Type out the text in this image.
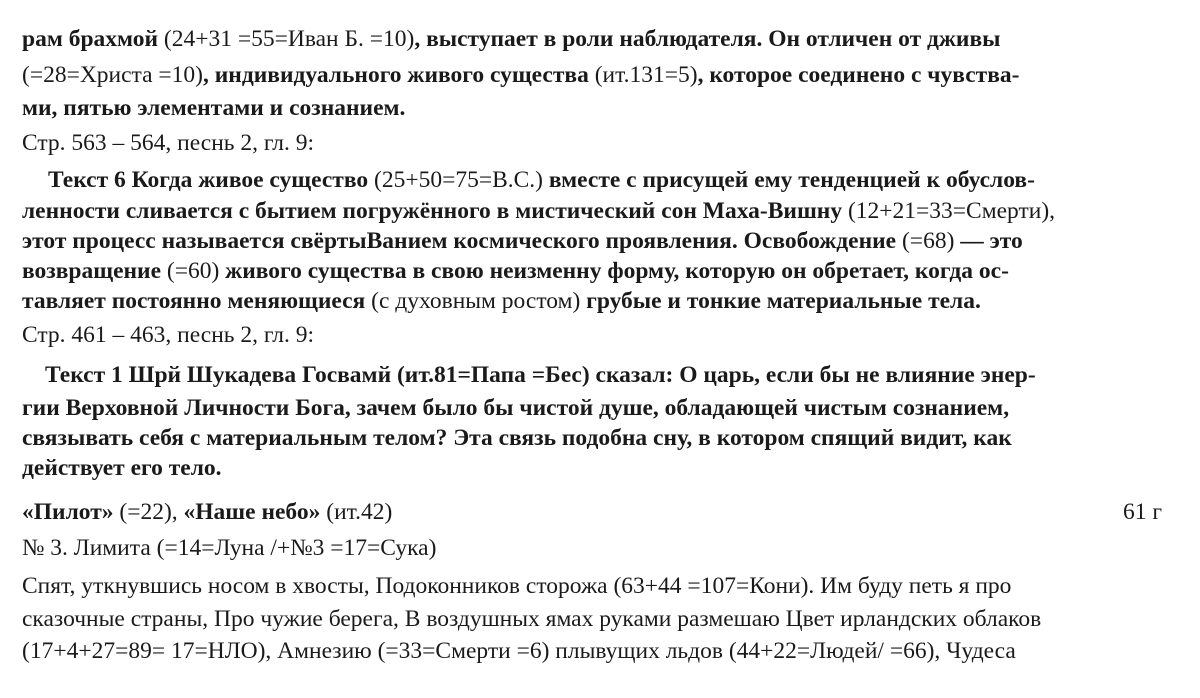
рам брахмой (24+31 =55=Иван Б. =10), выступает в роли наблюдателя. Он отличен от дживы
(=28=Христа =10), индивидуального живого существа (ит.131=5), которое соединено с чувства-
ми, пятью элементами и сознанием.
Стр. 563 – 564, песнь 2, гл. 9:
Текст 6 Когда живое существо (25+50=75=В.С.) вместе с присущей ему тенденцией к обуслов-
ленности сливается с бытием погружённого в мистический сон Маха-Вишну (12+21=33=Смерти),
этот процесс называется свёртыВанием космического проявления. Освобождение (=68) — это
возвращение (=60) живого существа в свою неизменну форму, которую он обретает, когда ос-
тавляет постоянно меняющиеся (с духовным ростом) грубые и тонкие материальные тела.
Стр. 461 – 463, песнь 2, гл. 9:
Текст 1 Шрй Шукадева Госвамй (ит.81=Папа =Бес) сказал: О царь, если бы не влияние энер-
гии Верховной Личности Бога, зачем было бы чистой душе, обладающей чистым сознанием,
связывать себя с материальным телом? Эта связь подобна сну, в котором спящий видит, как
действует его тело.
«Пилот» (=22), «Наше небо» (ит.42)	61 г
№ 3. Лимита (=14=Луна /+№3 =17=Сука)
Спят, уткнувшись носом в хвосты, Подоконников сторожа (63+44 =107=Кони). Им буду петь я про
сказочные страны, Про чужие берега, В воздушных ямах руками размешаю Цвет ирландских облаков
(17+4+27=89= 17=НЛО), Амнезию (=33=Смерти =6) плывущих льдов (44+22=Людей/ =66), Чудеса
